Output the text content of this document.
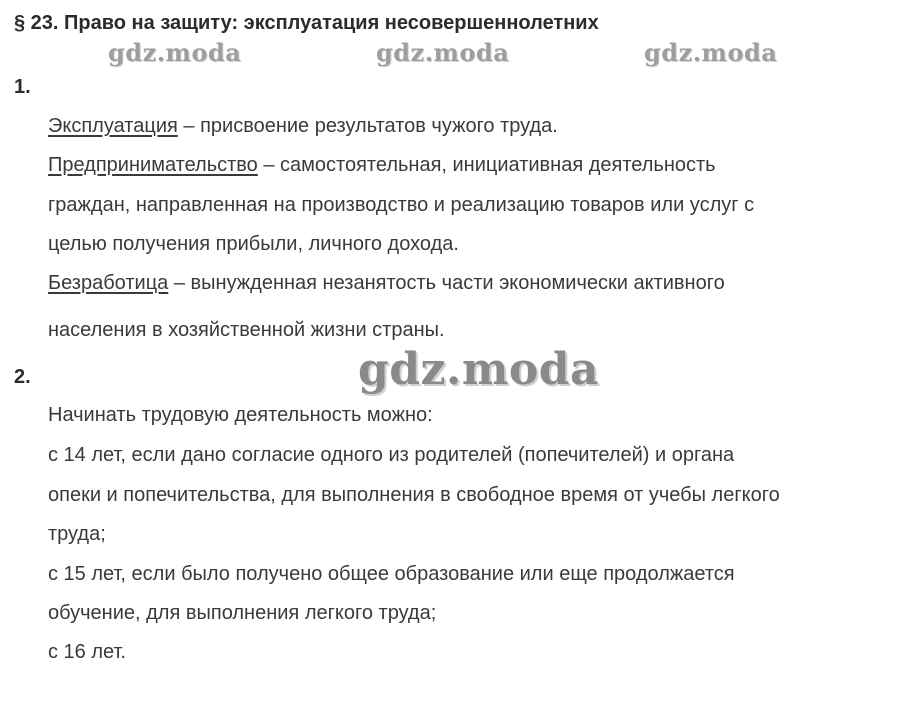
§ 23. Право на защиту: эксплуатация несовершеннолетних
gdz.moda	gdz.moda	gdz.moda
1.
Эксплуатация – присвоение результатов чужого труда.
Предпринимательство – самостоятельная, инициативная деятельность
граждан, направленная на производство и реализацию товаров или услуг с
целью получения прибыли, личного дохода.
Безработица – вынужденная незанятость части экономически активного
населения в хозяйственной жизни страны.
gdz.moda
2.
Начинать трудовую деятельность можно:
с 14 лет, если дано согласие одного из родителей (попечителей) и органа
опеки и попечительства, для выполнения в свободное время от учебы легкого
труда;
с 15 лет, если было получено общее образование или еще продолжается
обучение, для выполнения легкого труда;
с 16 лет.
